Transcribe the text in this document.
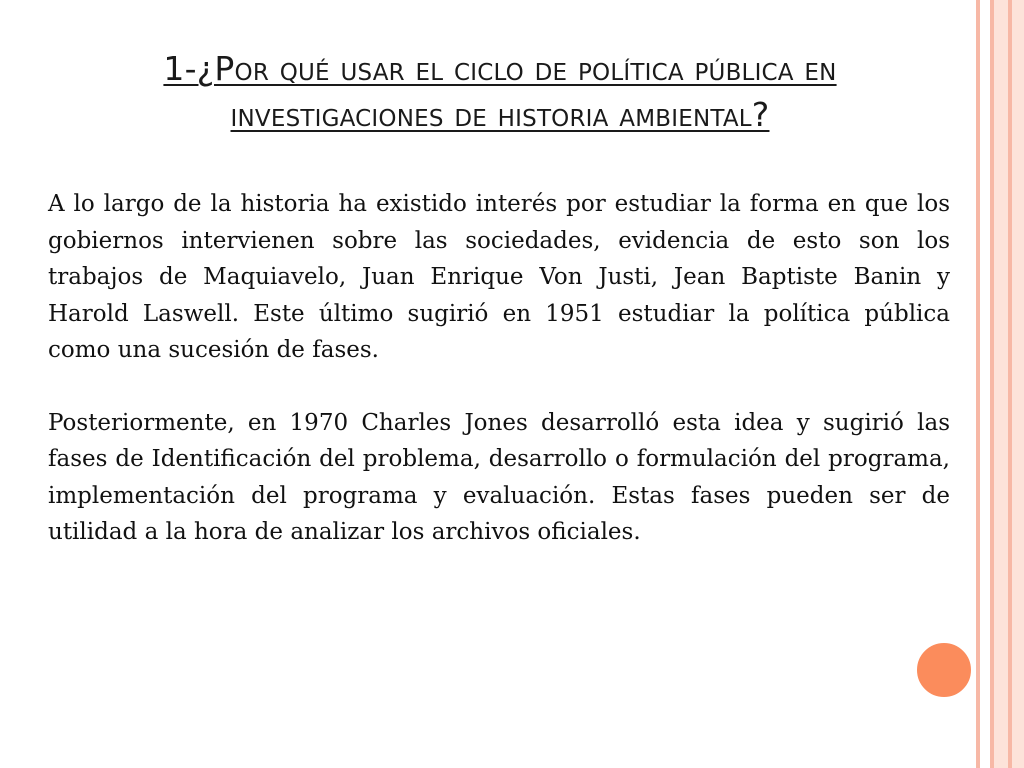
1-¿Por qué usar el ciclo de política pública en investigaciones de historia ambiental?

A lo largo de la historia ha existido interés por estudiar la forma en que los gobiernos intervienen sobre las sociedades, evidencia de esto son los trabajos de Maquiavelo, Juan Enrique Von Justi, Jean Baptiste Banin y Harold Laswell. Este último sugirió en 1951 estudiar la política pública como una sucesión de fases.

Posteriormente, en 1970 Charles Jones desarrolló esta idea y sugirió las fases de Identificación del problema, desarrollo o formulación del programa, implementación del programa y evaluación. Estas fases pueden ser de utilidad a la hora de analizar los archivos oficiales.
